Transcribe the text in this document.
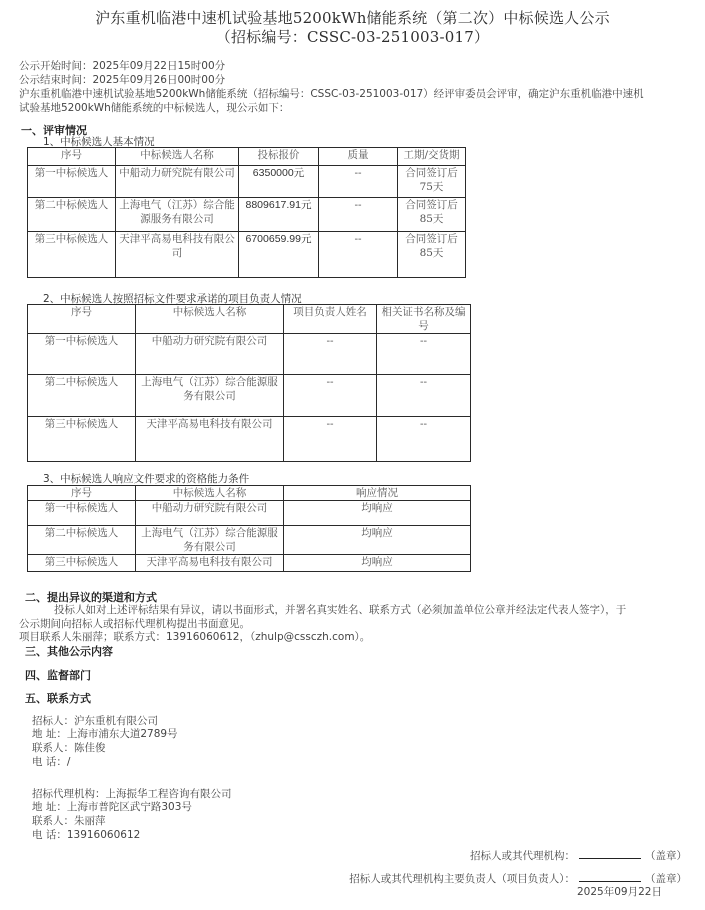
沪东重机临港中速机试验基地5200kWh储能系统（第二次）中标候选人公示
（招标编号：CSSC-03-251003-017）
公示开始时间：2025年09月22日15时00分
公示结束时间：2025年09月26日00时00分
沪东重机临港中速机试验基地5200kWh储能系统（招标编号：CSSC-03-251003-017）经评审委员会评审，确定沪东重机临港中速机
试验基地5200kWh储能系统的中标候选人，现公示如下：
一、评审情况
1、中标候选人基本情况
序号	中标候选人名称	投标报价	质量	工期/交货期
第一中标候选人	中船动力研究院有限公司	6350000元	--	合同签订后75天
第二中标候选人	上海电气（江苏）综合能源服务有限公司	8809617.91元	--	合同签订后85天
第三中标候选人	天津平高易电科技有限公司	6700659.99元	--	合同签订后85天
2、中标候选人按照招标文件要求承诺的项目负责人情况
序号	中标候选人名称	项目负责人姓名	相关证书名称及编号
第一中标候选人	中船动力研究院有限公司	--	--
第二中标候选人	上海电气（江苏）综合能源服务有限公司	--	--
第三中标候选人	天津平高易电科技有限公司	--	--
3、中标候选人响应文件要求的资格能力条件
序号	中标候选人名称	响应情况
第一中标候选人	中船动力研究院有限公司	均响应
第二中标候选人	上海电气（江苏）综合能源服务有限公司	均响应
第三中标候选人	天津平高易电科技有限公司	均响应
二、提出异议的渠道和方式
投标人如对上述评标结果有异议，请以书面形式，并署名真实姓名、联系方式（必须加盖单位公章并经法定代表人签字），于
公示期间向招标人或招标代理机构提出书面意见。
项目联系人朱丽萍；联系方式：13916060612，（zhulp@cssczh.com）。
三、其他公示内容
四、监督部门
五、联系方式
招标人：沪东重机有限公司
地 址：上海市浦东大道2789号
联系人：陈佳俊
电 话：/
招标代理机构：上海振华工程咨询有限公司
地 址：上海市普陀区武宁路303号
联系人：朱丽萍
电 话：13916060612
招标人或其代理机构：	（盖章）
招标人或其代理机构主要负责人（项目负责人）：	（盖章）
2025年09月22日
